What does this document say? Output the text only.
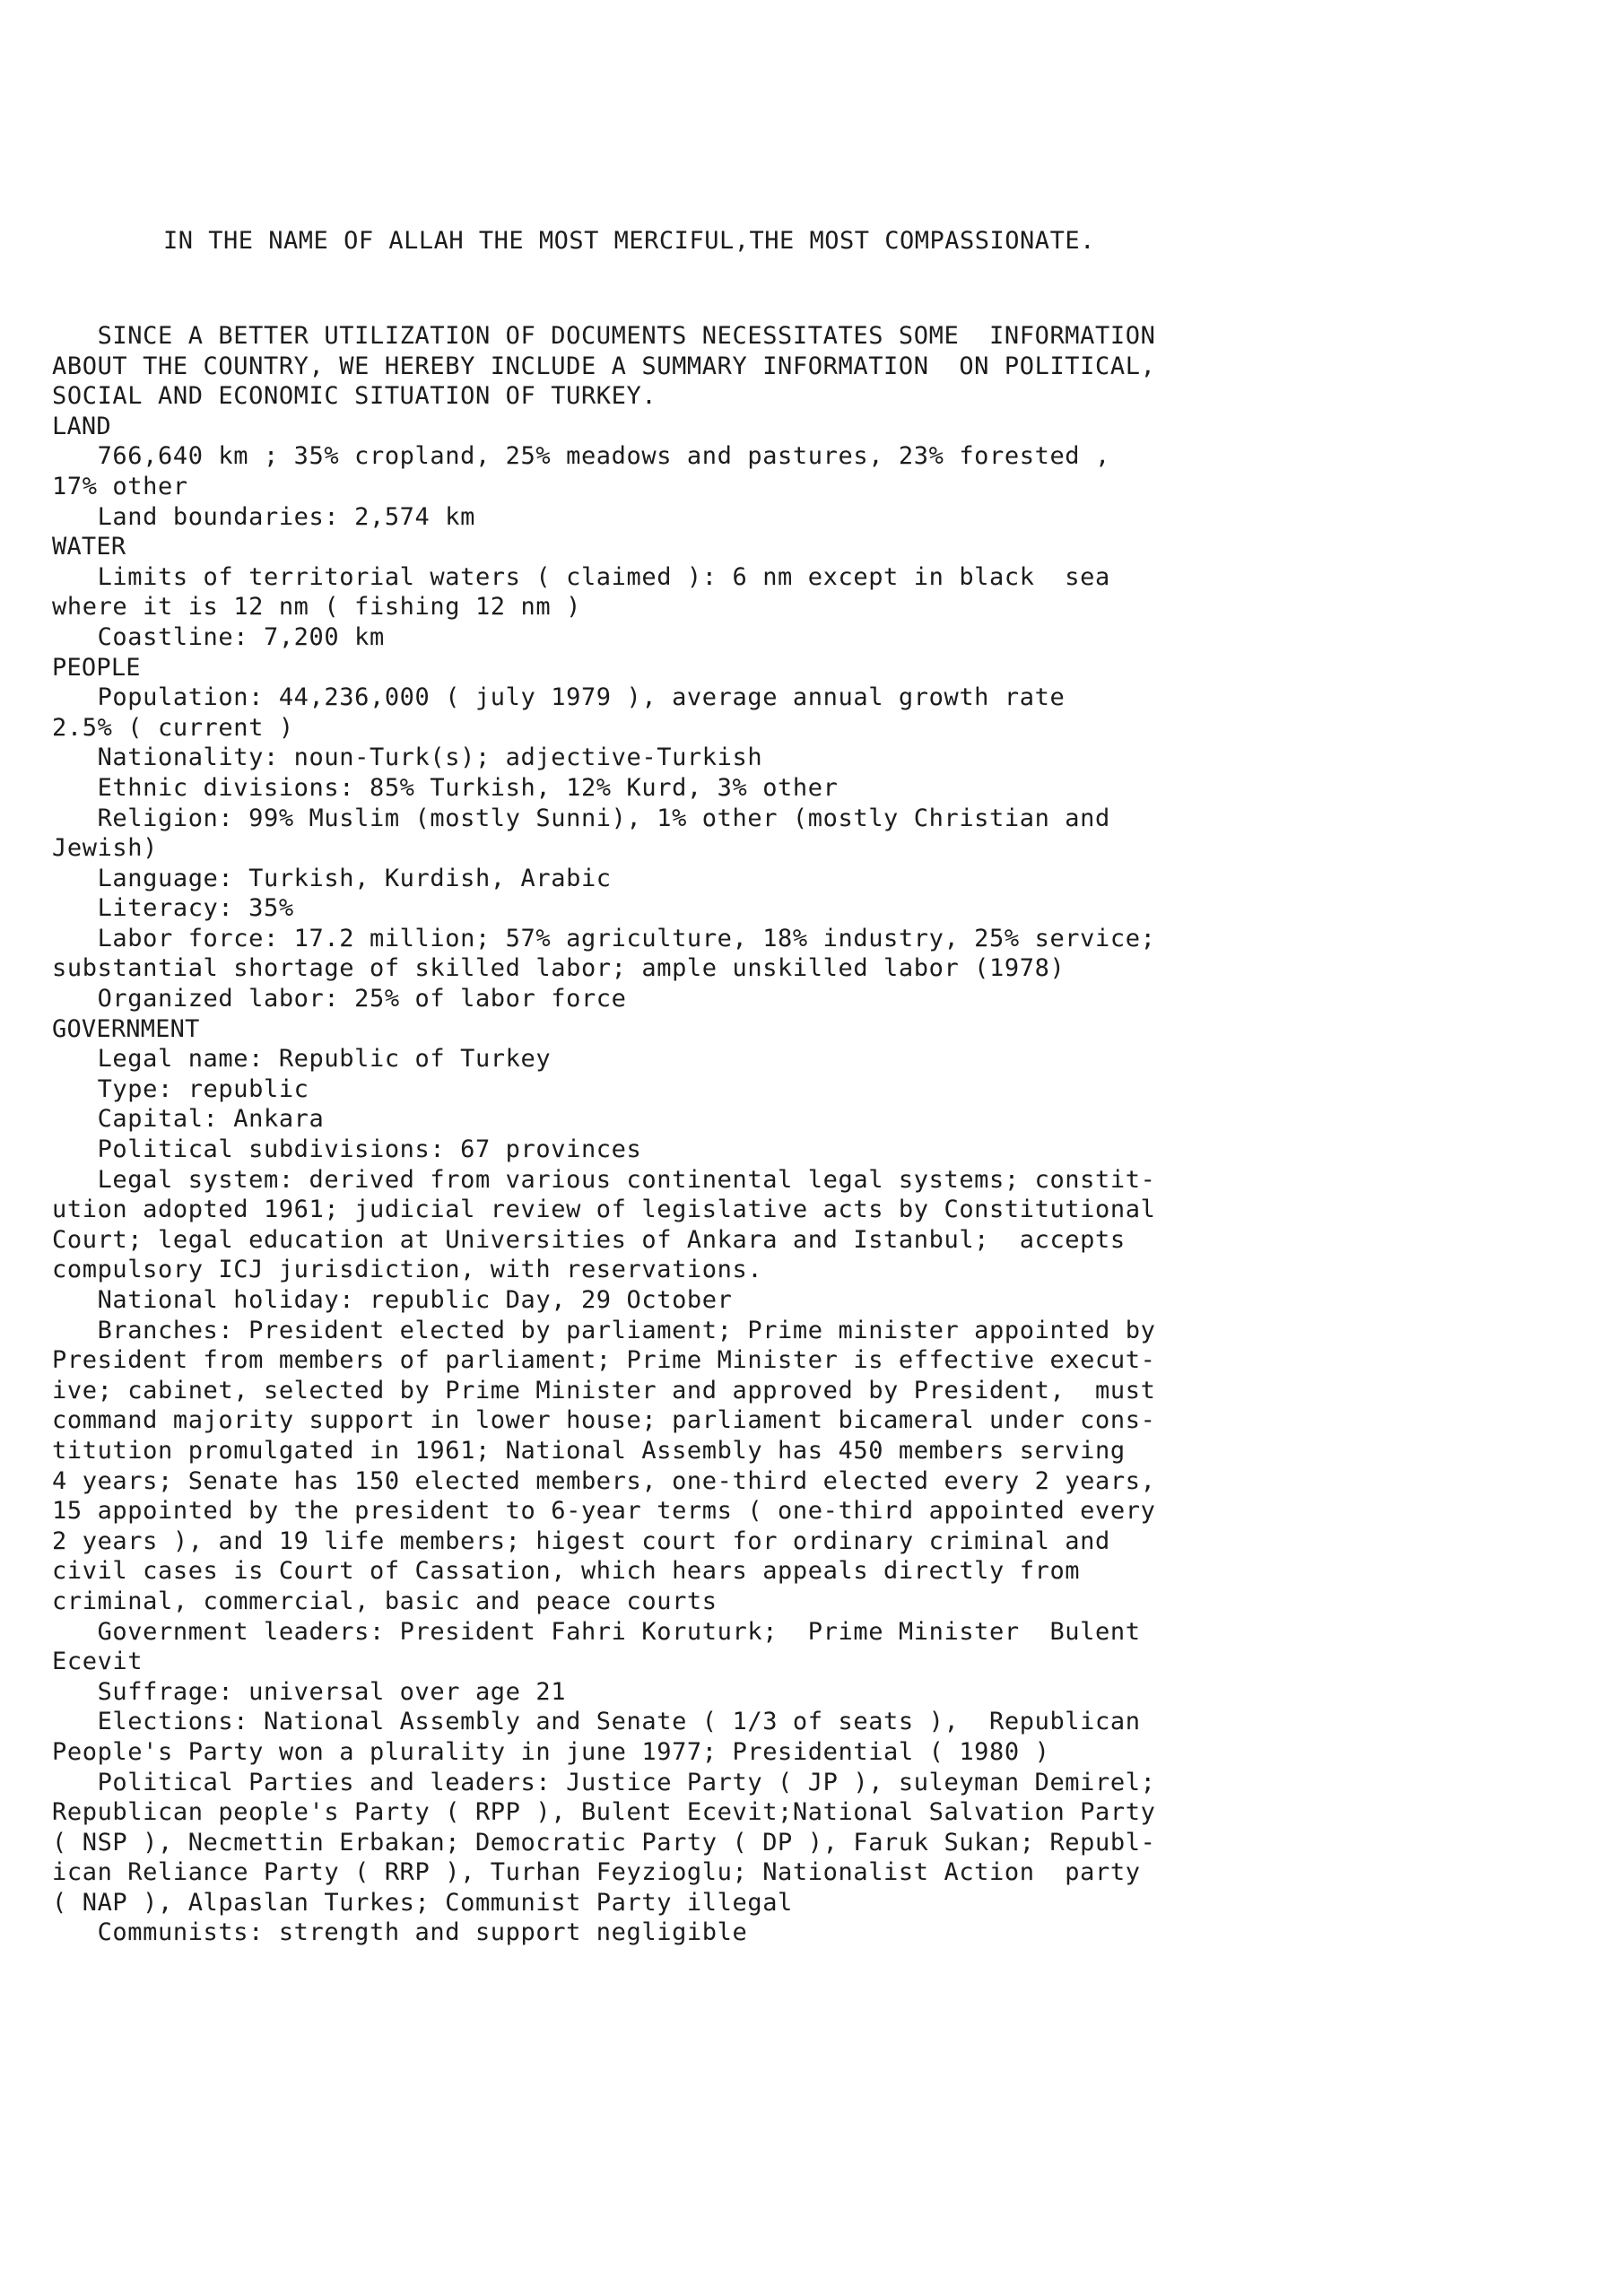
IN THE NAME OF ALLAH THE MOST MERCIFUL,THE MOST COMPASSIONATE.
SINCE A BETTER UTILIZATION OF DOCUMENTS NECESSITATES SOME  INFORMATION
ABOUT THE COUNTRY, WE HEREBY INCLUDE A SUMMARY INFORMATION  ON POLITICAL,
SOCIAL AND ECONOMIC SITUATION OF TURKEY.
LAND
766,640 km ; 35% cropland, 25% meadows and pastures, 23% forested ,
17% other
Land boundaries: 2,574 km
WATER
Limits of territorial waters ( claimed ): 6 nm except in black  sea
where it is 12 nm ( fishing 12 nm )
Coastline: 7,200 km
PEOPLE
Population: 44,236,000 ( july 1979 ), average annual growth rate
2.5% ( current )
Nationality: noun-Turk(s); adjective-Turkish
Ethnic divisions: 85% Turkish, 12% Kurd, 3% other
Religion: 99% Muslim (mostly Sunni), 1% other (mostly Christian and
Jewish)
Language: Turkish, Kurdish, Arabic
Literacy: 35%
Labor force: 17.2 million; 57% agriculture, 18% industry, 25% service;
substantial shortage of skilled labor; ample unskilled labor (1978)
Organized labor: 25% of labor force
GOVERNMENT
Legal name: Republic of Turkey
Type: republic
Capital: Ankara
Political subdivisions: 67 provinces
Legal system: derived from various continental legal systems; constit-
ution adopted 1961; judicial review of legislative acts by Constitutional
Court; legal education at Universities of Ankara and Istanbul;  accepts
compulsory ICJ jurisdiction, with reservations.
National holiday: republic Day, 29 October
Branches: President elected by parliament; Prime minister appointed by
President from members of parliament; Prime Minister is effective execut-
ive; cabinet, selected by Prime Minister and approved by President,  must
command majority support in lower house; parliament bicameral under cons-
titution promulgated in 1961; National Assembly has 450 members serving
4 years; Senate has 150 elected members, one-third elected every 2 years,
15 appointed by the president to 6-year terms ( one-third appointed every
2 years ), and 19 life members; higest court for ordinary criminal and
civil cases is Court of Cassation, which hears appeals directly from
criminal, commercial, basic and peace courts
Government leaders: President Fahri Koruturk;  Prime Minister  Bulent
Ecevit
Suffrage: universal over age 21
Elections: National Assembly and Senate ( 1/3 of seats ),  Republican
People's Party won a plurality in june 1977; Presidential ( 1980 )
Political Parties and leaders: Justice Party ( JP ), suleyman Demirel;
Republican people's Party ( RPP ), Bulent Ecevit;National Salvation Party
( NSP ), Necmettin Erbakan; Democratic Party ( DP ), Faruk Sukan; Republ-
ican Reliance Party ( RRP ), Turhan Feyzioglu; Nationalist Action  party
( NAP ), Alpaslan Turkes; Communist Party illegal
Communists: strength and support negligible
